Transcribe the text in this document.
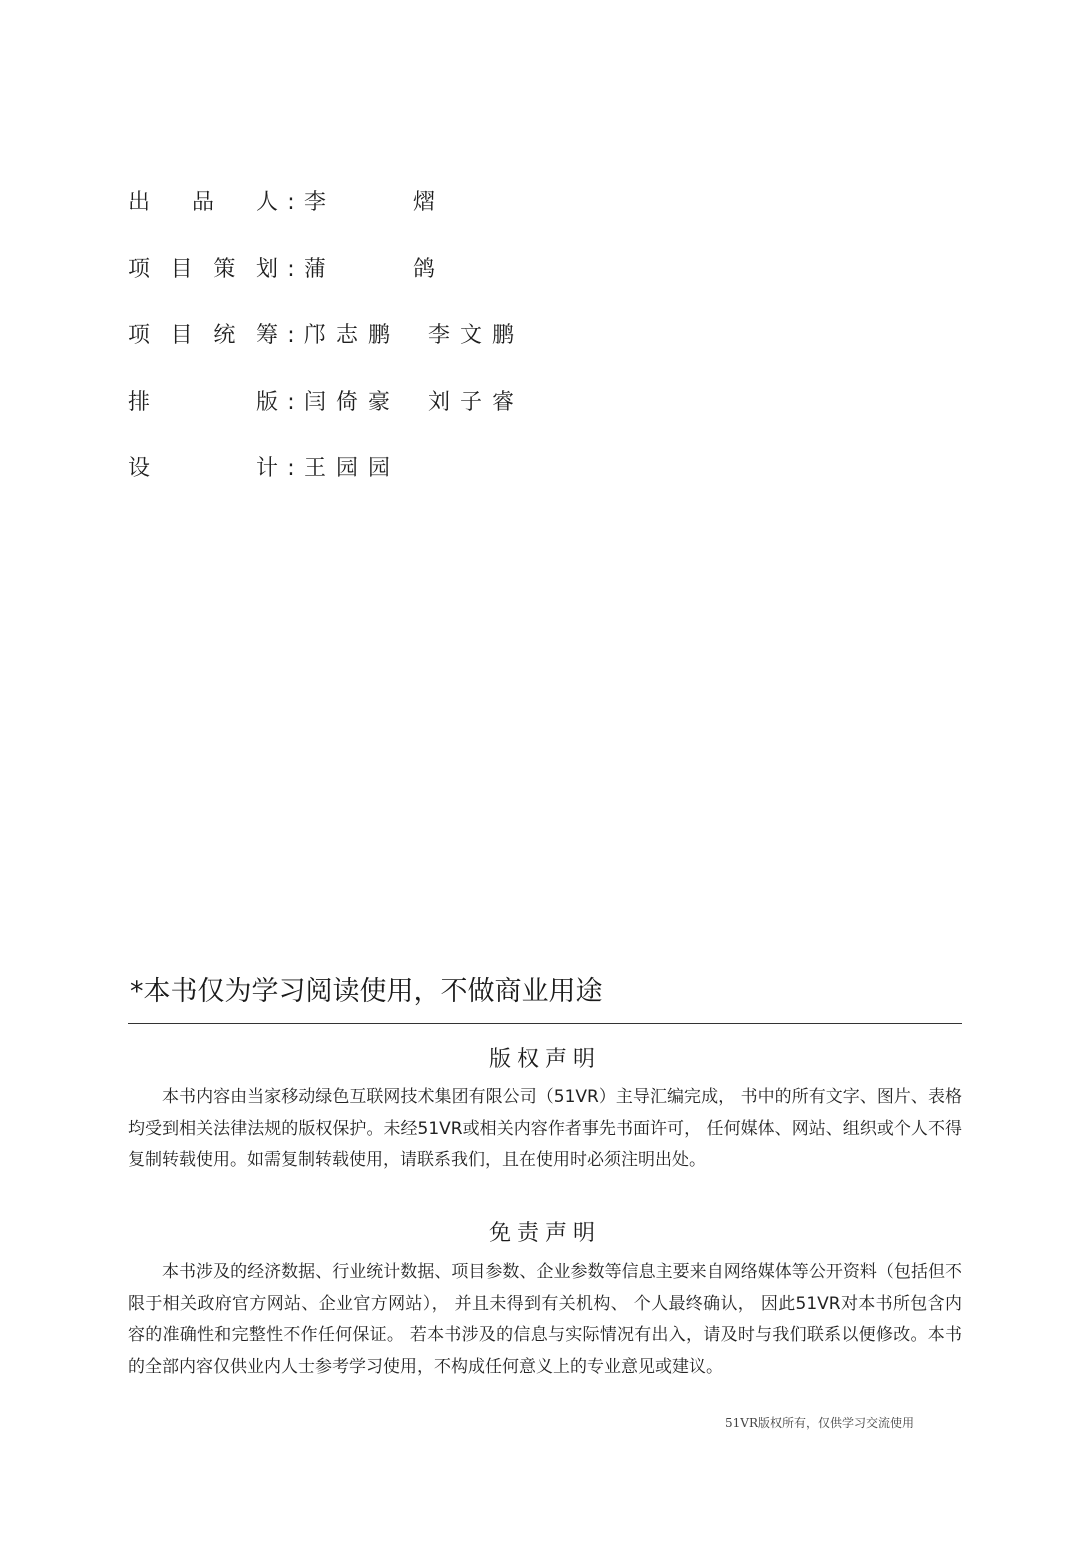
出 品 人 : 李 熠
项 目 策 划 : 蒲 鸽
项 目 统 筹 : 邝志鹏 李文鹏
排	版 : 闫倚豪 刘子睿
设	计 : 王园园
*本书仅为学习阅读使用，不做商业用途
版权声明
本书内容由当家移动绿色互联网技术集团有限公司（51VR）主导汇编完成， 书中的所有文字、图片、表格均受到相关法律法规的版权保护。未经51VR或相关内容作者事先书面许可， 任何媒体、网站、组织或个人不得复制转载使用。如需复制转载使用，请联系我们，且在使用时必须注明出处。
免责声明
本书涉及的经济数据、行业统计数据、项目参数、企业参数等信息主要来自网络媒体等公开资料（包括但不限于相关政府官方网站、企业官方网站）， 并且未得到有关机构、 个人最终确认， 因此51VR对本书所包含内容的准确性和完整性不作任何保证。 若本书涉及的信息与实际情况有出入，请及时与我们联系以便修改。本书的全部内容仅供业内人士参考学习使用，不构成任何意义上的专业意见或建议。
51VR版权所有，仅供学习交流使用
